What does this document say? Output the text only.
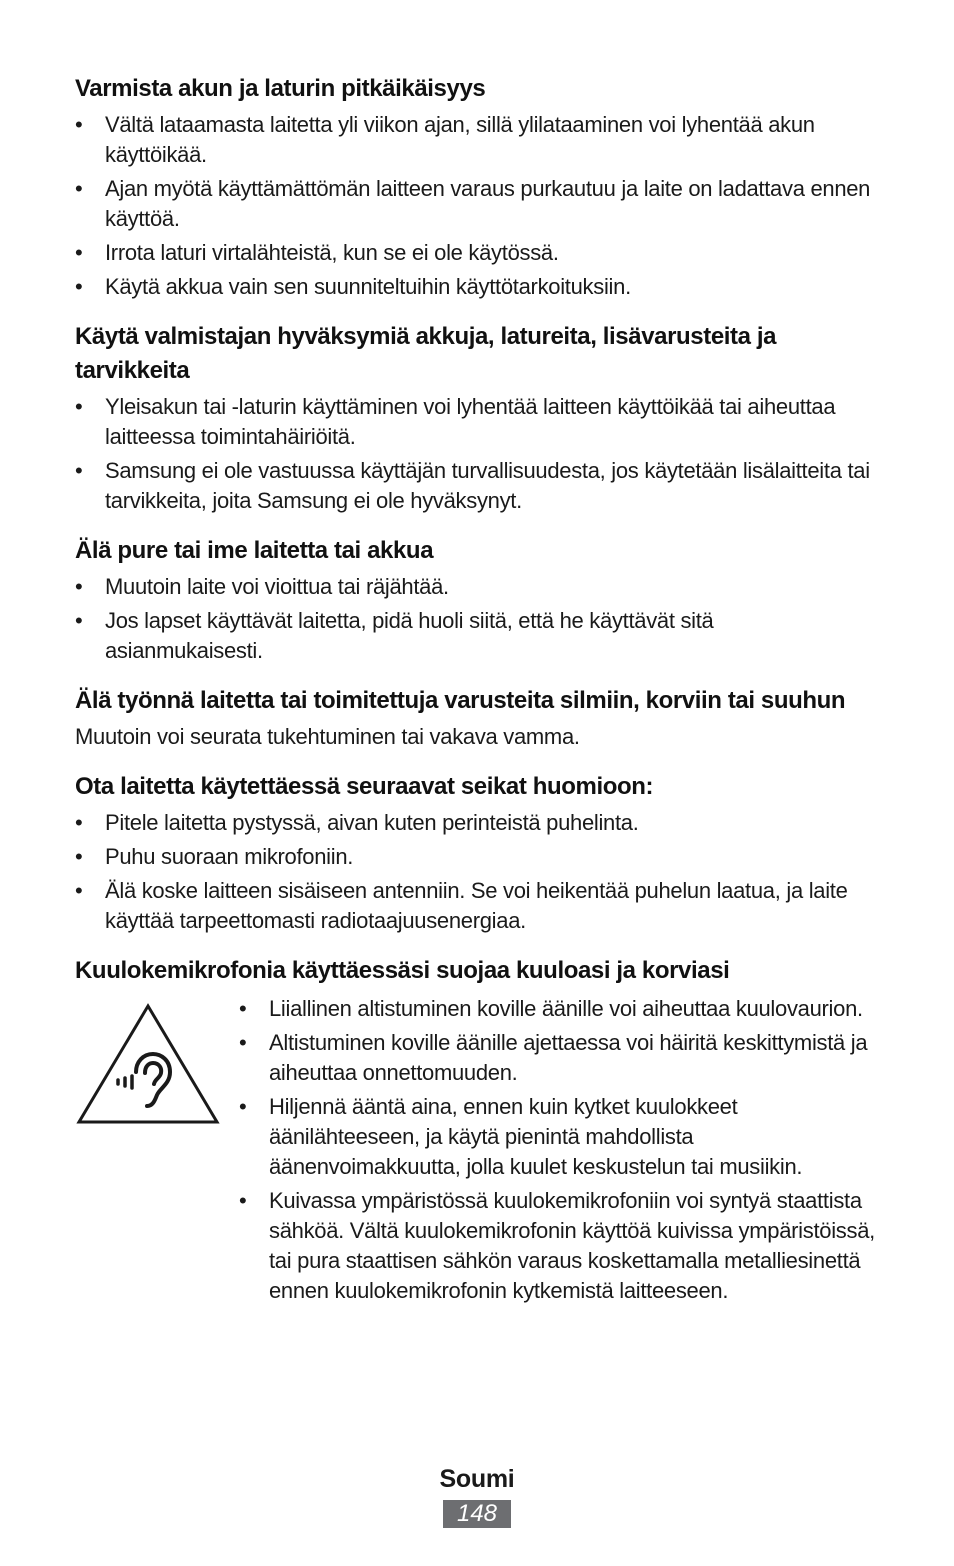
Varmista akun ja laturin pitkäikäisyys
• Vältä lataamasta laitetta yli viikon ajan, sillä ylilataaminen voi lyhentää akun käyttöikää.
• Ajan myötä käyttämättömän laitteen varaus purkautuu ja laite on ladattava ennen käyttöä.
• Irrota laturi virtalähteistä, kun se ei ole käytössä.
• Käytä akkua vain sen suunniteltuihin käyttötarkoituksiin.
Käytä valmistajan hyväksymiä akkuja, latureita, lisävarusteita ja tarvikkeita
• Yleisakun tai -laturin käyttäminen voi lyhentää laitteen käyttöikää tai aiheuttaa laitteessa toimintahäiriöitä.
• Samsung ei ole vastuussa käyttäjän turvallisuudesta, jos käytetään lisälaitteita tai tarvikkeita, joita Samsung ei ole hyväksynyt.
Älä pure tai ime laitetta tai akkua
• Muutoin laite voi vioittua tai räjähtää.
• Jos lapset käyttävät laitetta, pidä huoli siitä, että he käyttävät sitä asianmukaisesti.
Älä työnnä laitetta tai toimitettuja varusteita silmiin, korviin tai suuhun

Muutoin voi seurata tukehtuminen tai vakava vamma.

Ota laitetta käytettäessä seuraavat seikat huomioon:
• Pitele laitetta pystyssä, aivan kuten perinteistä puhelinta.
• Puhu suoraan mikrofoniin.
• Älä koske laitteen sisäiseen antenniin. Se voi heikentää puhelun laatua, ja laite käyttää tarpeettomasti radiotaajuusenergiaa.
Kuulokemikrofonia käyttäessäsi suojaa kuuloasi ja korviasi
• Liiallinen altistuminen koville äänille voi aiheuttaa kuulovaurion.
• Altistuminen koville äänille ajettaessa voi häiritä keskittymistä ja aiheuttaa onnettomuuden.
• Hiljennä ääntä aina, ennen kuin kytket kuulokkeet äänilähteeseen, ja käytä pienintä mahdollista äänenvoimakkuutta, jolla kuulet keskustelun tai musiikin.
• Kuivassa ympäristössä kuulokemikrofoniin voi syntyä staattista sähköä. Vältä kuulokemikrofonin käyttöä kuivissa ympäristöissä, tai pura staattisen sähkön varaus koskettamalla metalliesinettä ennen kuulokemikrofonin kytkemistä laitteeseen.
Soumi
148
